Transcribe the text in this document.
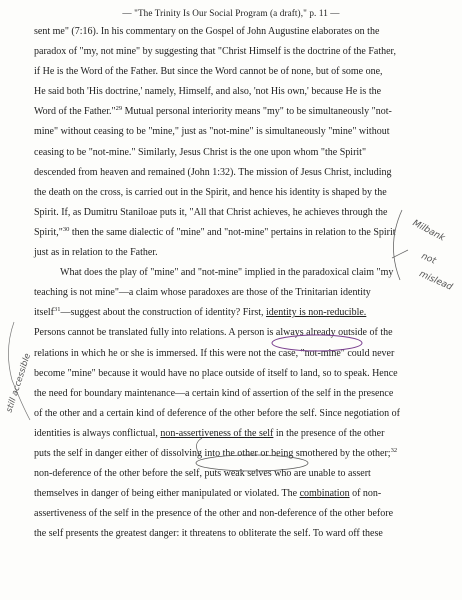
— "The Trinity Is Our Social Program (a draft)," p. 11 —
sent me" (7:16). In his commentary on the Gospel of John Augustine elaborates on the
paradox of "my, not mine" by suggesting that "Christ Himself is the doctrine of the Father,
if He is the Word of the Father. But since the Word cannot be of none, but of some one,
He said both 'His doctrine,' namely, Himself, and also, 'not His own,' because He is the
Word of the Father."$^{29}$ Mutual personal interiority means "my" to be simultaneously "not-
mine" without ceasing to be "mine," just as "not-mine" is simultaneously "mine" without
ceasing to be "not-mine." Similarly, Jesus Christ is the one upon whom "the Spirit"
descended from heaven and remained (John 1:32). The mission of Jesus Christ, including
the death on the cross, is carried out in the Spirit, and hence his identity is shaped by the
Spirit. If, as Dumitru Staniloae puts it, "All that Christ achieves, he achieves through the
Spirit,"$^{30}$ then the same dialectic of "mine" and "not-mine" pertains in relation to the Spirit
just as in relation to the Father.
What does the play of "mine" and "not-mine" implied in the paradoxical claim "my
teaching is not mine"—a claim whose paradoxes are those of the Trinitarian identity
itself$^{31}$—suggest about the construction of identity? First, identity is non-reducible.
Persons cannot be translated fully into relations. A person is always already outside of the
relations in which he or she is immersed. If this were not the case, "not-mine" could never
become "mine" because it would have no place outside of itself to land, so to speak. Hence
the need for boundary maintenance—a certain kind of assertion of the self in the presence
of the other and a certain kind of deference of the other before the self. Since negotiation of
identities is always conflictual, non-assertiveness of the self in the presence of the other
puts the self in danger either of dissolving into the other or being smothered by the other;$^{32}$
non-deference of the other before the self, puts weak selves who are unable to assert
themselves in danger of being either manipulated or violated. The combination of non-
assertiveness of the self in the presence of the other and non-deference of the other before
the self presents the greatest danger: it threatens to obliterate the self. To ward off these
Milbank
not
mislead
still accessible
